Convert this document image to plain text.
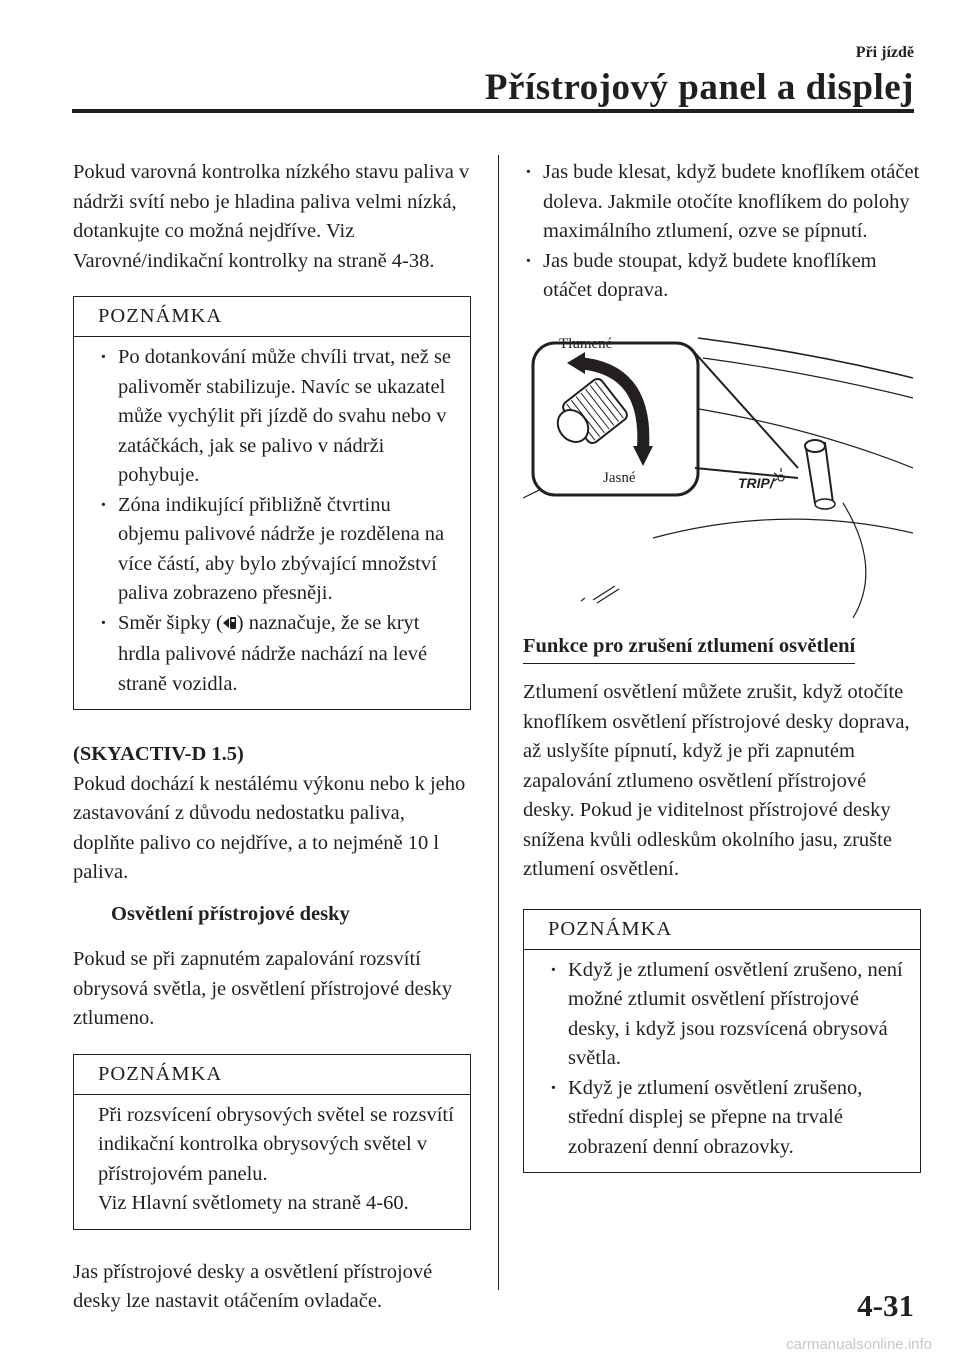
Při jízdě
Přístrojový panel a displej

Pokud varovná kontrolka nízkého stavu paliva v nádrži svítí nebo je hladina paliva velmi nízká, dotankujte co možná nejdříve. Viz Varovné/indikační kontrolky na straně 4-38.

POZNÁMKA
· Po dotankování může chvíli trvat, než se palivoměr stabilizuje. Navíc se ukazatel může vychýlit při jízdě do svahu nebo v zatáčkách, jak se palivo v nádrži pohybuje.
· Zóna indikující přibližně čtvrtinu objemu palivové nádrže je rozdělena na více částí, aby bylo zbývající množství paliva zobrazeno přesněji.
· Směr šipky ( ) naznačuje, že se kryt hrdla palivové nádrže nachází na levé straně vozidla.
(SKYACTIV-D 1.5)

Pokud dochází k nestálému výkonu nebo k jeho zastavování z důvodu nedostatku paliva, doplňte palivo co nejdříve, a to nejméně 10 l paliva.

Osvětlení přístrojové desky

Pokud se při zapnutém zapalování rozsvítí obrysová světla, je osvětlení přístrojové desky ztlumeno.

POZNÁMKA

Při rozsvícení obrysových světel se rozsvítí indikační kontrolka obrysových světel v přístrojovém panelu.

Viz Hlavní světlomety na straně 4-60.

Jas přístrojové desky a osvětlení přístrojové desky lze nastavit otáčením ovladače.

· Jas bude klesat, když budete knoflíkem otáčet doleva. Jakmile otočíte knoflíkem do polohy maximálního ztlumení, ozve se pípnutí.
· Jas bude stoupat, když budete knoflíkem otáčet doprava.
Tlumené
Jasné	TRIP/
Funkce pro zrušení ztlumení osvětlení

Ztlumení osvětlení můžete zrušit, když otočíte knoflíkem osvětlení přístrojové desky doprava, až uslyšíte pípnutí, když je při zapnutém zapalování ztlumeno osvětlení přístrojové desky. Pokud je viditelnost přístrojové desky snížena kvůli odleskům okolního jasu, zrušte ztlumení osvětlení.

POZNÁMKA
· Když je ztlumení osvětlení zrušeno, není možné ztlumit osvětlení přístrojové desky, i když jsou rozsvícená obrysová světla.
· Když je ztlumení osvětlení zrušeno, střední displej se přepne na trvalé zobrazení denní obrazovky.
4-31
carmanualsonline.info
